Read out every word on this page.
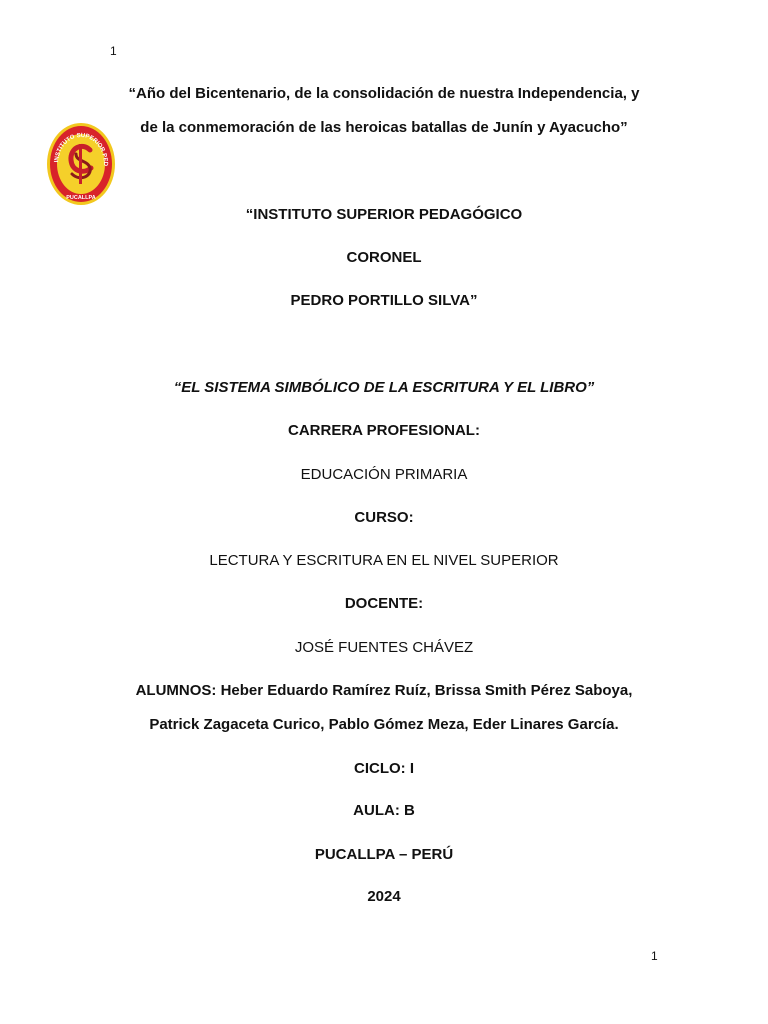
1
“Año del Bicentenario, de la consolidación de nuestra Independencia, y
de la conmemoración de las heroicas batallas de Junín y Ayacucho”
INSTITUTO SUPERIOR PED
PUCALLPA
“INSTITUTO SUPERIOR PEDAGÓGICO
CORONEL
PEDRO PORTILLO SILVA”
“EL SISTEMA SIMBÓLICO DE LA ESCRITURA Y EL LIBRO”
CARRERA PROFESIONAL:
EDUCACIÓN PRIMARIA
CURSO:
LECTURA Y ESCRITURA EN EL NIVEL SUPERIOR
DOCENTE:
JOSÉ FUENTES CHÁVEZ
ALUMNOS: Heber Eduardo Ramírez Ruíz, Brissa Smith Pérez Saboya,
Patrick Zagaceta Curico, Pablo Gómez Meza, Eder Linares García.
CICLO: I
AULA: B
PUCALLPA – PERÚ
2024
1
